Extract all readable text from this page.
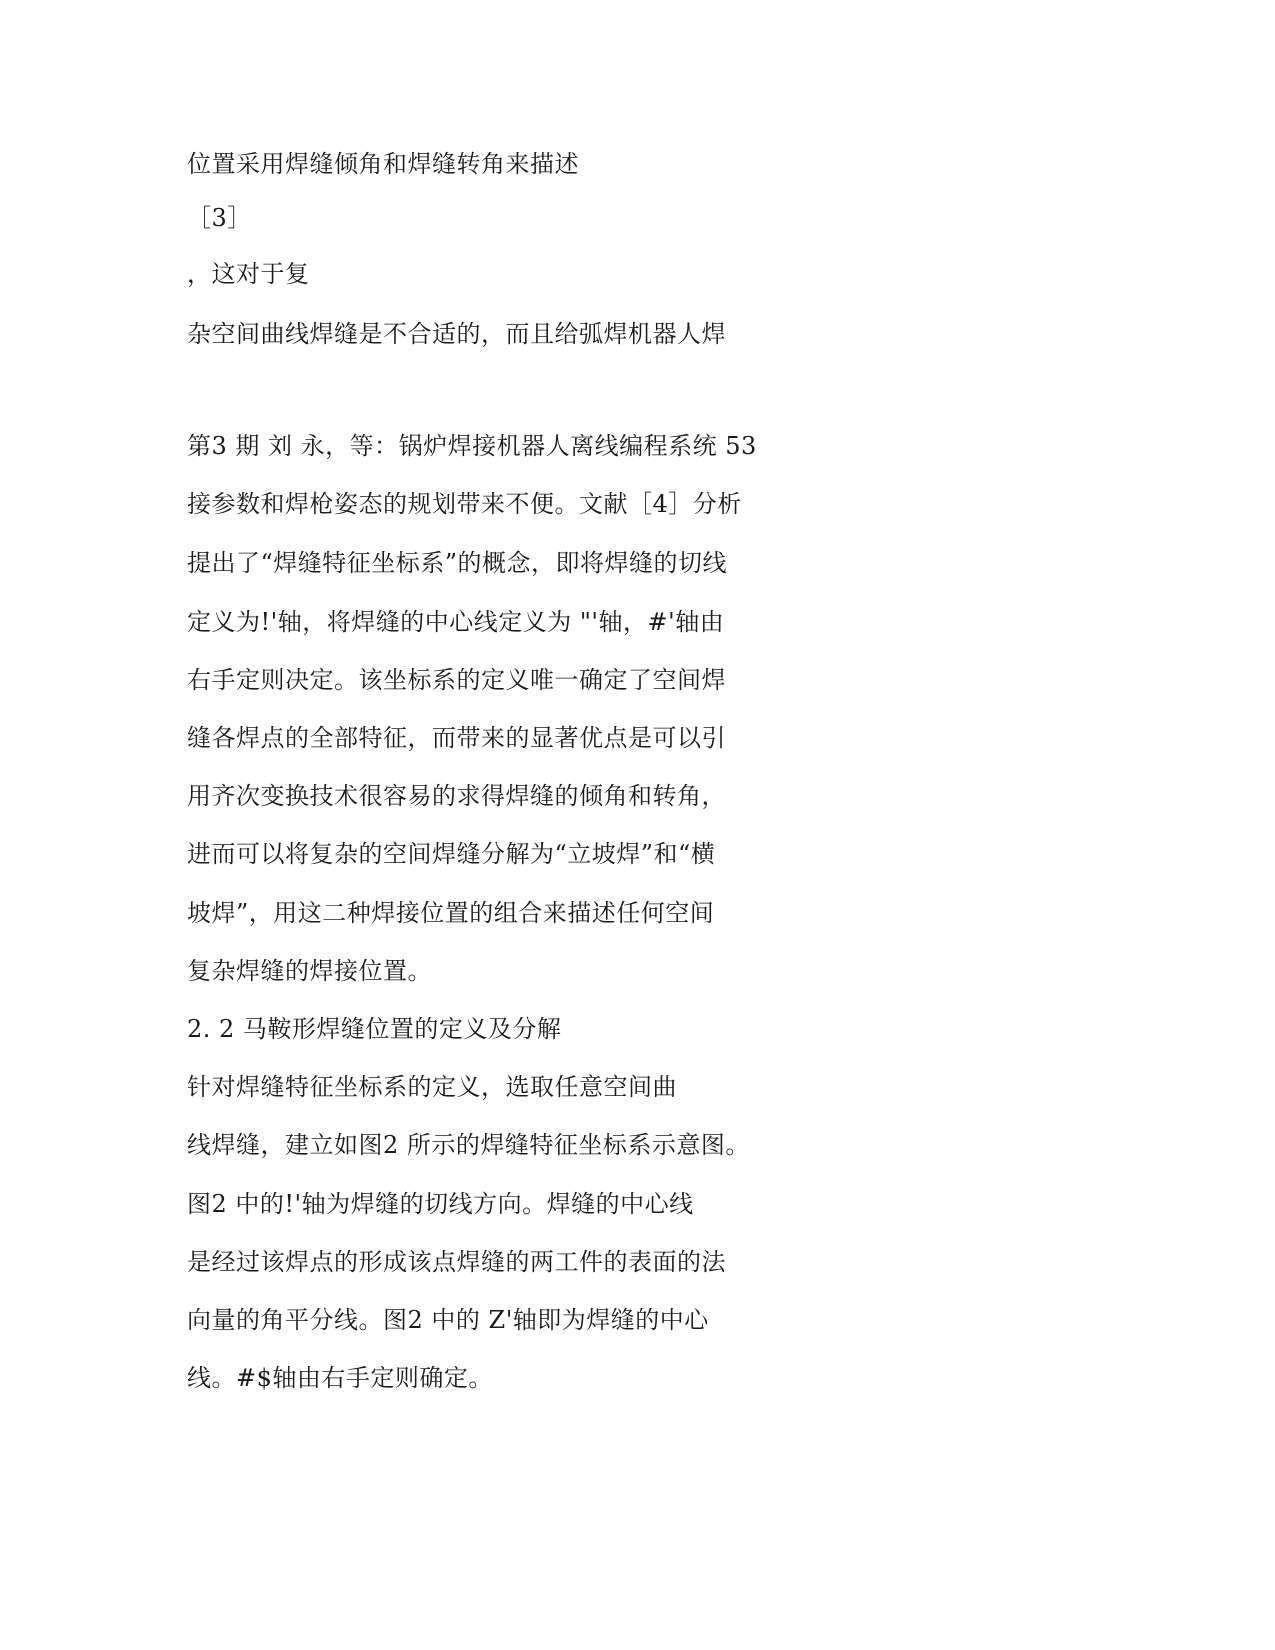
位置采用焊缝倾角和焊缝转角来描述
［3］
，这对于复
杂空间曲线焊缝是不合适的，而且给弧焊机器人焊
第3 期 刘 永，等：锅炉焊接机器人离线编程系统 53
接参数和焊枪姿态的规划带来不便。文献［4］分析
提出了“焊缝特征坐标系”的概念，即将焊缝的切线
定义为!'轴，将焊缝的中心线定义为 "'轴，#'轴由
右手定则决定。该坐标系的定义唯一确定了空间焊
缝各焊点的全部特征，而带来的显著优点是可以引
用齐次变换技术很容易的求得焊缝的倾角和转角，
进而可以将复杂的空间焊缝分解为“立坡焊”和“横
坡焊”，用这二种焊接位置的组合来描述任何空间
复杂焊缝的焊接位置。
2. 2 马鞍形焊缝位置的定义及分解
针对焊缝特征坐标系的定义，选取任意空间曲
线焊缝，建立如图2 所示的焊缝特征坐标系示意图。
图2 中的!'轴为焊缝的切线方向。焊缝的中心线
是经过该焊点的形成该点焊缝的两工件的表面的法
向量的角平分线。图2 中的 Z'轴即为焊缝的中心
线。#$轴由右手定则确定。
